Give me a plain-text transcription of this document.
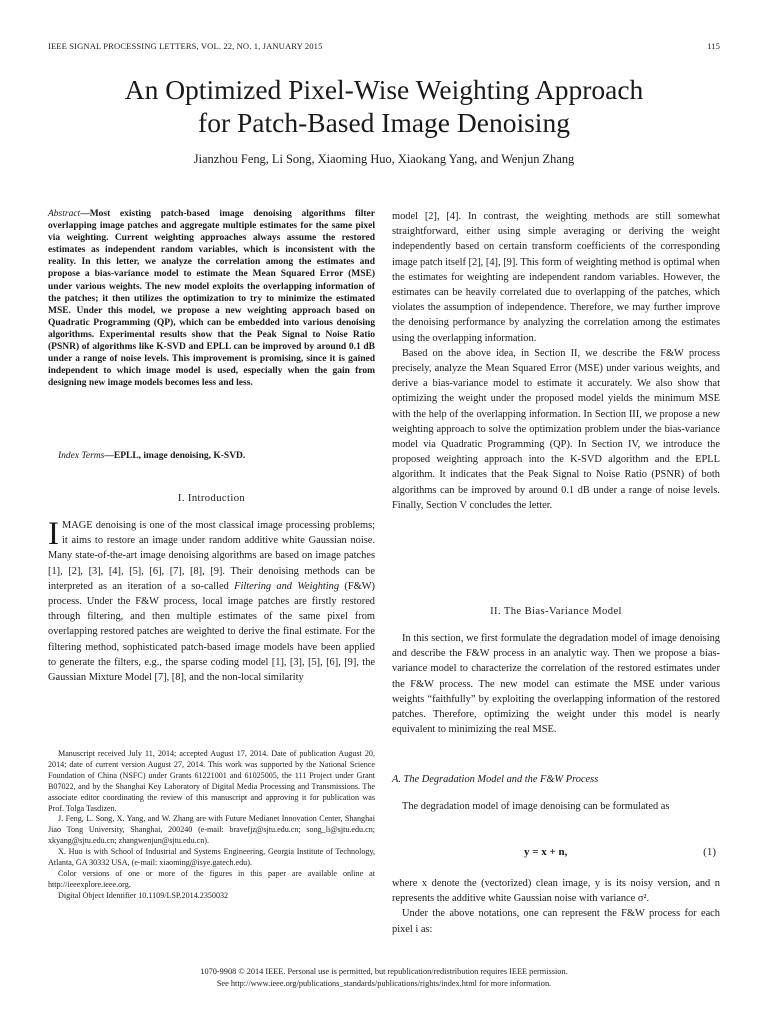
IEEE SIGNAL PROCESSING LETTERS, VOL. 22, NO. 1, JANUARY 2015	115
An Optimized Pixel-Wise Weighting Approach
for Patch-Based Image Denoising
Jianzhou Feng, Li Song, Xiaoming Huo, Xiaokang Yang, and Wenjun Zhang
Abstract—Most existing patch-based image denoising algorithms filter overlapping image patches and aggregate multiple estimates for the same pixel via weighting. Current weighting approaches always assume the restored estimates as independent random variables, which is inconsistent with the reality. In this letter, we analyze the correlation among the estimates and propose a bias-variance model to estimate the Mean Squared Error (MSE) under various weights. The new model exploits the overlapping information of the patches; it then utilizes the optimization to try to minimize the estimated MSE. Under this model, we propose a new weighting approach based on Quadratic Programming (QP), which can be embedded into various denoising algorithms. Experimental results show that the Peak Signal to Noise Ratio (PSNR) of algorithms like K-SVD and EPLL can be improved by around 0.1 dB under a range of noise levels. This improvement is promising, since it is gained independent to which image model is used, especially when the gain from designing new image models becomes less and less.
Index Terms—EPLL, image denoising, K-SVD.
I. Introduction
IMAGE denoising is one of the most classical image processing problems; it aims to restore an image under random additive white Gaussian noise. Many state-of-the-art image denoising algorithms are based on image patches [1], [2], [3], [4], [5], [6], [7], [8], [9]. Their denoising methods can be interpreted as an iteration of a so-called Filtering and Weighting (F&W) process. Under the F&W process, local image patches are firstly restored through filtering, and then multiple estimates of the same pixel from overlapping restored patches are weighted to derive the final estimate. For the filtering method, sophisticated patch-based image models have been applied to generate the filters, e.g., the sparse coding model [1], [3], [5], [6], [9], the Gaussian Mixture Model [7], [8], and the non-local similarity

Manuscript received July 11, 2014; accepted August 17, 2014. Date of publication August 20, 2014; date of current version August 27, 2014. This work was supported by the National Science Foundation of China (NSFC) under Grants 61221001 and 61025005, the 111 Project under Grant B07022, and by the Shanghai Key Laboratory of Digital Media Processing and Transmissions. The associate editor coordinating the review of this manuscript and approving it for publication was Prof. Tolga Tasdizen.

J. Feng, L. Song, X. Yang, and W. Zhang are with Future Medianet Innovation Center, Shanghai Jiao Tong University, Shanghai, 200240 (e-mail: bravefjz@sjtu.edu.cn; song_li@sjtu.edu.cn; xkyang@sjtu.edu.cn; zhangwenjun@sjtu.edu.cn).

X. Huo is with School of Industrial and Systems Engineering, Georgia Institute of Technology, Atlanta, GA 30332 USA, (e-mail: xiaoming@isye.gatech.edu).

Color versions of one or more of the figures in this paper are available online at http://ieeexplore.ieee.org.

Digital Object Identifier 10.1109/LSP.2014.2350032

model [2], [4]. In contrast, the weighting methods are still somewhat straightforward, either using simple averaging or deriving the weight independently based on certain transform coefficients of the corresponding image patch itself [2], [4], [9]. This form of weighting method is optimal when the estimates for weighting are independent random variables. However, the estimates can be heavily correlated due to overlapping of the patches, which violates the assumption of independence. Therefore, we may further improve the denoising performance by analyzing the correlation among the estimates using the overlapping information.

Based on the above idea, in Section II, we describe the F&W process precisely, analyze the Mean Squared Error (MSE) under various weights, and derive a bias-variance model to estimate it accurately. We also show that optimizing the weight under the proposed model yields the minimum MSE with the help of the overlapping information. In Section III, we propose a new weighting approach to solve the optimization problem under the bias-variance model via Quadratic Programming (QP). In Section IV, we introduce the proposed weighting approach into the K-SVD algorithm and the EPLL algorithm. It indicates that the Peak Signal to Noise Ratio (PSNR) of both algorithms can be improved by around 0.1 dB under a range of noise levels. Finally, Section V concludes the letter.

II. The Bias-Variance Model

In this section, we first formulate the degradation model of image denoising and describe the F&W process in an analytic way. Then we propose a bias-variance model to characterize the correlation of the restored estimates under the F&W process. The new model can estimate the MSE under various weights “faithfully” by exploiting the overlapping information of the restored patches. Therefore, optimizing the weight under this model is nearly equivalent to minimizing the real MSE.

A. The Degradation Model and the F&W Process

The degradation model of image denoising can be formulated as

y = x + n,	(1)

where x denote the (vectorized) clean image, y is its noisy version, and n represents the additive white Gaussian noise with variance σ².

Under the above notations, one can represent the F&W process for each pixel i as:

1070-9908 © 2014 IEEE. Personal use is permitted, but republication/redistribution requires IEEE permission.
See http://www.ieee.org/publications_standards/publications/rights/index.html for more information.
